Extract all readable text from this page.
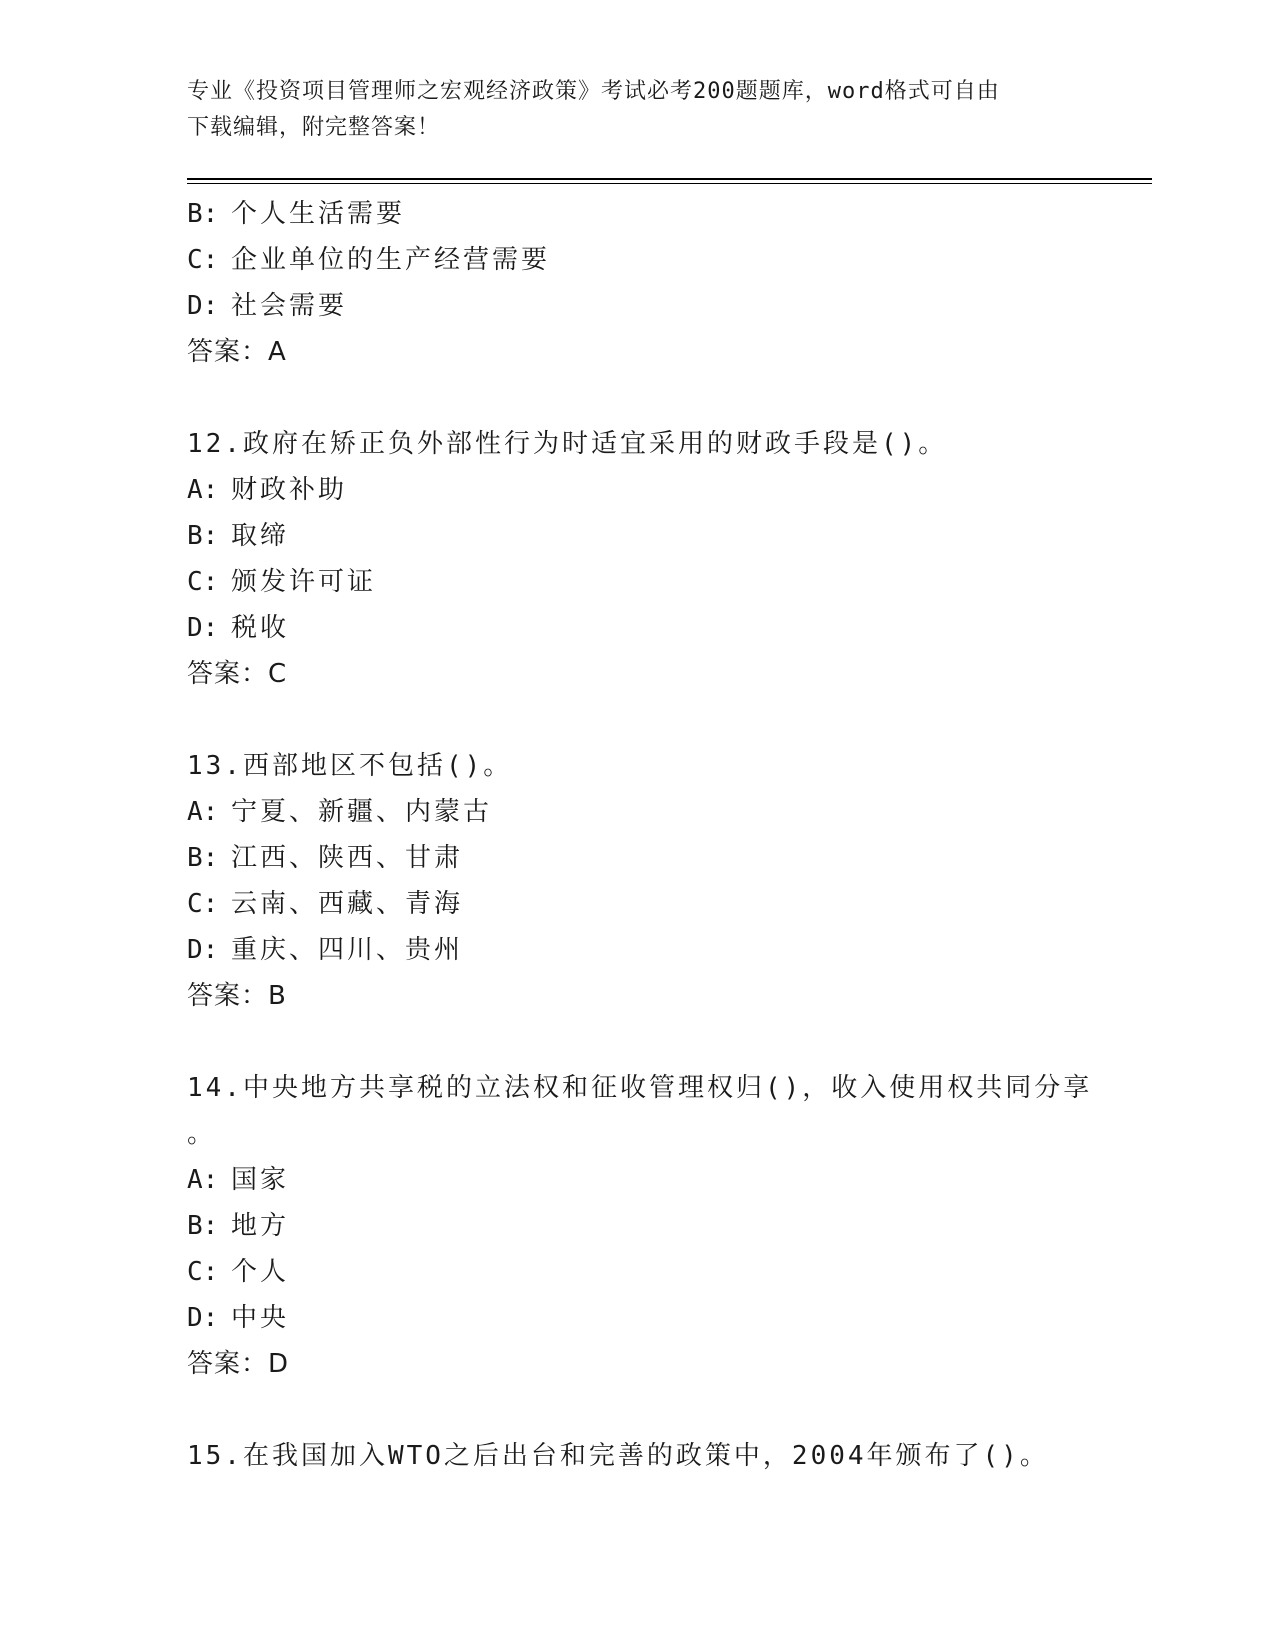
专业《投资项目管理师之宏观经济政策》考试必考200题题库，word格式可自由
下载编辑，附完整答案！
B: 个人生活需要
C: 企业单位的生产经营需要
D: 社会需要
答案：A
12.政府在矫正负外部性行为时适宜采用的财政手段是()。
A: 财政补助
B: 取缔
C: 颁发许可证
D: 税收
答案：C
13.西部地区不包括()。
A: 宁夏、新疆、内蒙古
B: 江西、陕西、甘肃
C: 云南、西藏、青海
D: 重庆、四川、贵州
答案：B
14.中央地方共享税的立法权和征收管理权归()，收入使用权共同分享
。
A: 国家
B: 地方
C: 个人
D: 中央
答案：D
15.在我国加入WTO之后出台和完善的政策中，2004年颁布了()。
